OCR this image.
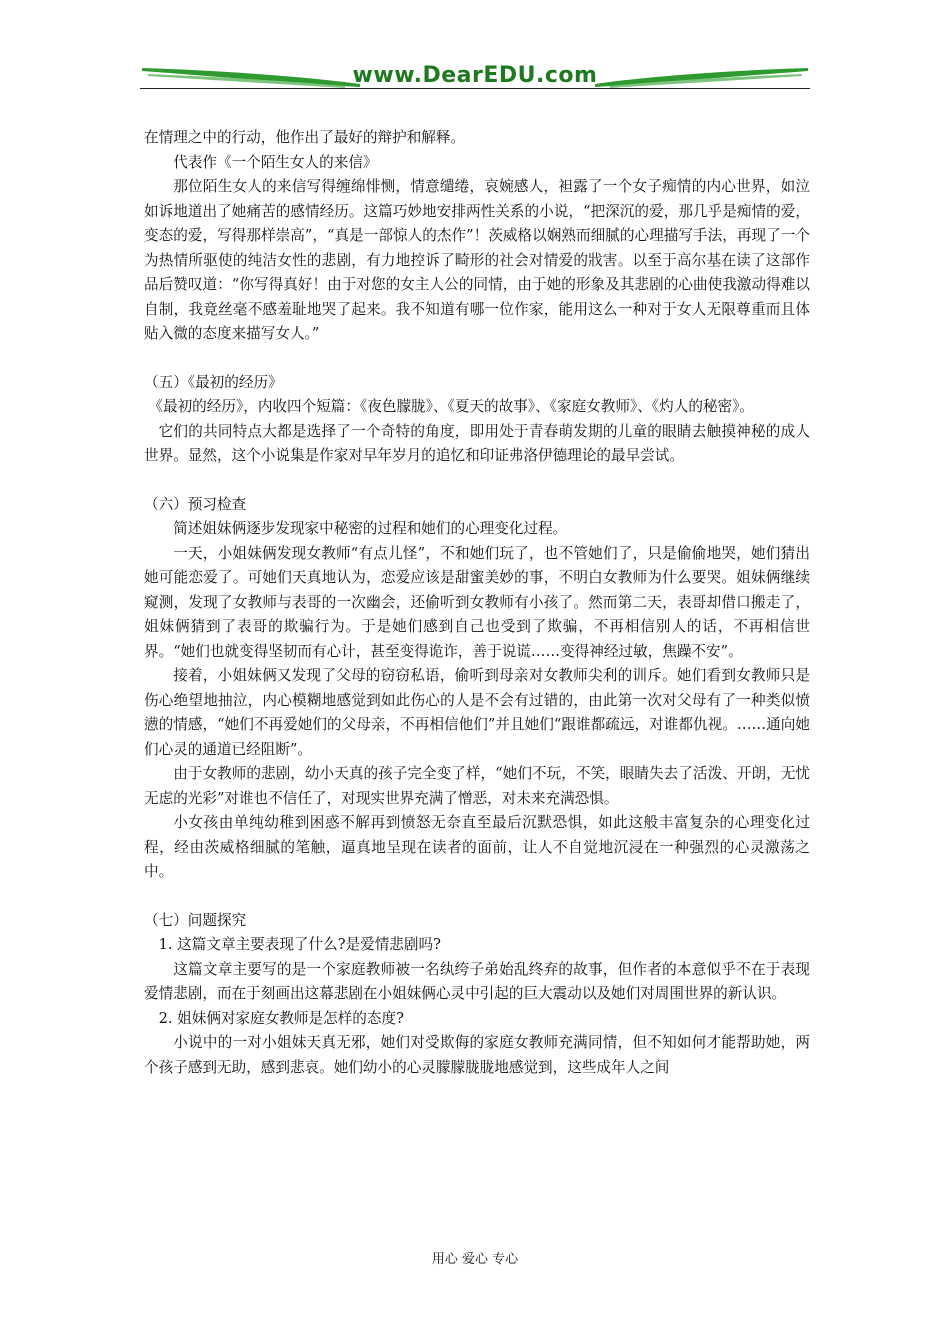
www.DearEDU.com

在情理之中的行动，他作出了最好的辩护和解释。

代表作《一个陌生女人的来信》

那位陌生女人的来信写得缠绵悱恻，情意缱绻，哀婉感人，袒露了一个女子痴情的内心世界，如泣如诉地道出了她痛苦的感情经历。这篇巧妙地安排两性关系的小说，“把深沉的爱，那几乎是痴情的爱，变态的爱，写得那样崇高”，“真是一部惊人的杰作”！茨威格以娴熟而细腻的心理描写手法，再现了一个为热情所驱使的纯洁女性的悲剧，有力地控诉了畸形的社会对情爱的戕害。以至于高尔基在读了这部作品后赞叹道：“你写得真好！由于对您的女主人公的同情，由于她的形象及其悲剧的心曲使我激动得难以自制，我竟丝毫不感羞耻地哭了起来。我不知道有哪一位作家，能用这么一种对于女人无限尊重而且体贴入微的态度来描写女人。”

（五）《最初的经历》

《最初的经历》，内收四个短篇：《夜色朦胧》、《夏天的故事》、《家庭女教师》、《灼人的秘密》。

它们的共同特点大都是选择了一个奇特的角度，即用处于青春萌发期的儿童的眼睛去触摸神秘的成人世界。显然，这个小说集是作家对早年岁月的追忆和印证弗洛伊德理论的最早尝试。

（六）预习检查

简述姐妹俩逐步发现家中秘密的过程和她们的心理变化过程。

一天，小姐妹俩发现女教师“有点儿怪”，不和她们玩了，也不管她们了，只是偷偷地哭，她们猜出她可能恋爱了。可她们天真地认为，恋爱应该是甜蜜美妙的事，不明白女教师为什么要哭。姐妹俩继续窥测，发现了女教师与表哥的一次幽会，还偷听到女教师有小孩了。然而第二天，表哥却借口搬走了，姐妹俩猜到了表哥的欺骗行为。于是她们感到自己也受到了欺骗，不再相信别人的话，不再相信世界。“她们也就变得坚韧而有心计，甚至变得诡诈，善于说谎……变得神经过敏，焦躁不安”。

接着，小姐妹俩又发现了父母的窃窃私语，偷听到母亲对女教师尖利的训斥。她们看到女教师只是伤心绝望地抽泣，内心模糊地感觉到如此伤心的人是不会有过错的，由此第一次对父母有了一种类似愤懑的情感，“她们不再爱她们的父母亲，不再相信他们”并且她们“跟谁都疏远，对谁都仇视。……通向她们心灵的通道已经阻断”。

由于女教师的悲剧，幼小天真的孩子完全变了样，“她们不玩，不笑，眼睛失去了活泼、开朗，无忧无虑的光彩”对谁也不信任了，对现实世界充满了憎恶，对未来充满恐惧。

小女孩由单纯幼稚到困惑不解再到愤怒无奈直至最后沉默恐惧，如此这般丰富复杂的心理变化过程，经由茨威格细腻的笔触，逼真地呈现在读者的面前，让人不自觉地沉浸在一种强烈的心灵激荡之中。

（七）问题探究

1. 这篇文章主要表现了什么?是爱情悲剧吗?

这篇文章主要写的是一个家庭教师被一名纨绔子弟始乱终弃的故事，但作者的本意似乎不在于表现爱情悲剧，而在于刻画出这幕悲剧在小姐妹俩心灵中引起的巨大震动以及她们对周围世界的新认识。

2. 姐妹俩对家庭女教师是怎样的态度?

小说中的一对小姐妹天真无邪，她们对受欺侮的家庭女教师充满同情，但不知如何才能帮助她，两个孩子感到无助，感到悲哀。她们幼小的心灵朦朦胧胧地感觉到，这些成年人之间

用心 爱心 专心
